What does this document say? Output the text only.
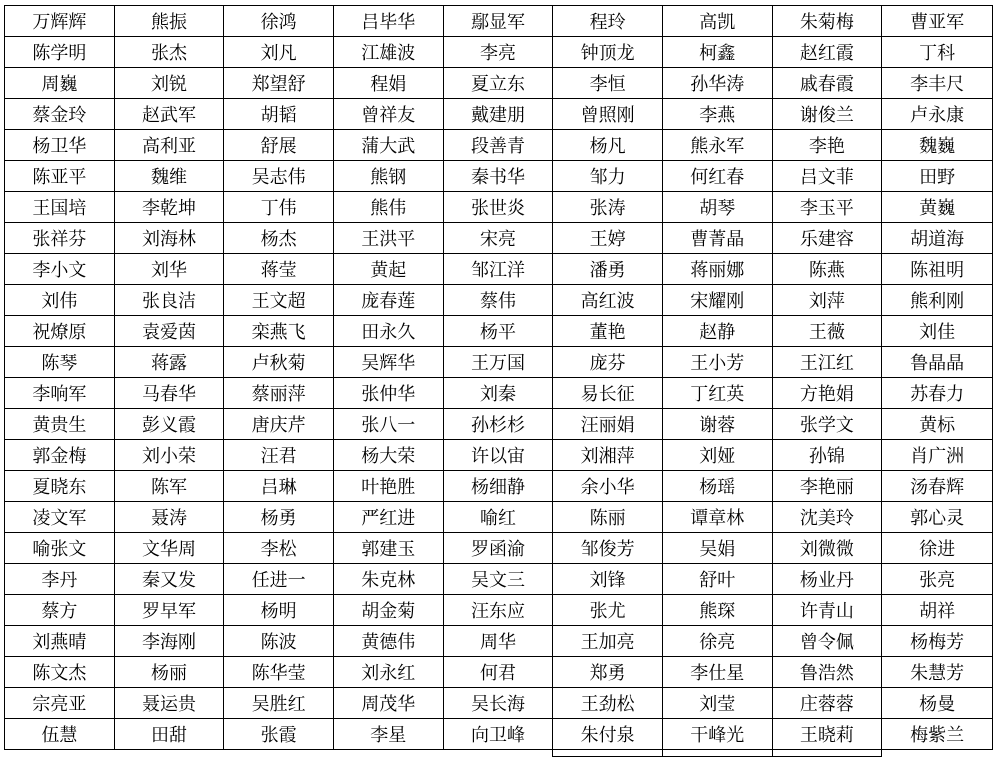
万辉辉	熊振	徐鸿	吕毕华	鄢显军	程玲	高凯	朱菊梅	曹亚军
陈学明	张杰	刘凡	江雄波	李亮	钟顶龙	柯鑫	赵红霞	丁科
周巍	刘锐	郑望舒	程娟	夏立东	李恒	孙华涛	戚春霞	李丰尺
蔡金玲	赵武军	胡韬	曾祥友	戴建朋	曾照刚	李燕	谢俊兰	卢永康
杨卫华	高利亚	舒展	蒲大武	段善青	杨凡	熊永军	李艳	魏巍
陈亚平	魏维	吴志伟	熊钢	秦书华	邹力	何红春	吕文菲	田野
王国培	李乾坤	丁伟	熊伟	张世炎	张涛	胡琴	李玉平	黄巍
张祥芬	刘海林	杨杰	王洪平	宋亮	王婷	曹菁晶	乐建容	胡道海
李小文	刘华	蒋莹	黄起	邹江洋	潘勇	蒋丽娜	陈燕	陈祖明
刘伟	张良洁	王文超	庞春莲	蔡伟	高红波	宋耀刚	刘萍	熊利刚
祝燎原	袁爱茵	栾燕飞	田永久	杨平	董艳	赵静	王薇	刘佳
陈琴	蒋露	卢秋菊	吴辉华	王万国	庞芬	王小芳	王江红	鲁晶晶
李响军	马春华	蔡丽萍	张仲华	刘秦	易长征	丁红英	方艳娟	苏春力
黄贵生	彭义霞	唐庆芹	张八一	孙杉杉	汪丽娟	谢蓉	张学文	黄标
郭金梅	刘小荣	汪君	杨大荣	许以宙	刘湘萍	刘娅	孙锦	肖广洲
夏晓东	陈军	吕琳	叶艳胜	杨细静	余小华	杨瑶	李艳丽	汤春辉
凌文军	聂涛	杨勇	严红进	喻红	陈丽	谭章林	沈美玲	郭心灵
喻张文	文华周	李松	郭建玉	罗函渝	邹俊芳	吴娟	刘微微	徐进
李丹	秦又发	任进一	朱克林	吴文三	刘锋	舒叶	杨业丹	张亮
蔡方	罗早军	杨明	胡金菊	汪东应	张尤	熊琛	许青山	胡祥
刘燕晴	李海刚	陈波	黄德伟	周华	王加亮	徐亮	曾令佩	杨梅芳
陈文杰	杨丽	陈华莹	刘永红	何君	郑勇	李仕星	鲁浩然	朱慧芳
宗亮亚	聂运贵	吴胜红	周茂华	吴长海	王劲松	刘莹	庄蓉蓉	杨曼
伍慧	田甜	张霞	李星	向卫峰	朱付泉	干峰光	王晓莉	梅紫兰
